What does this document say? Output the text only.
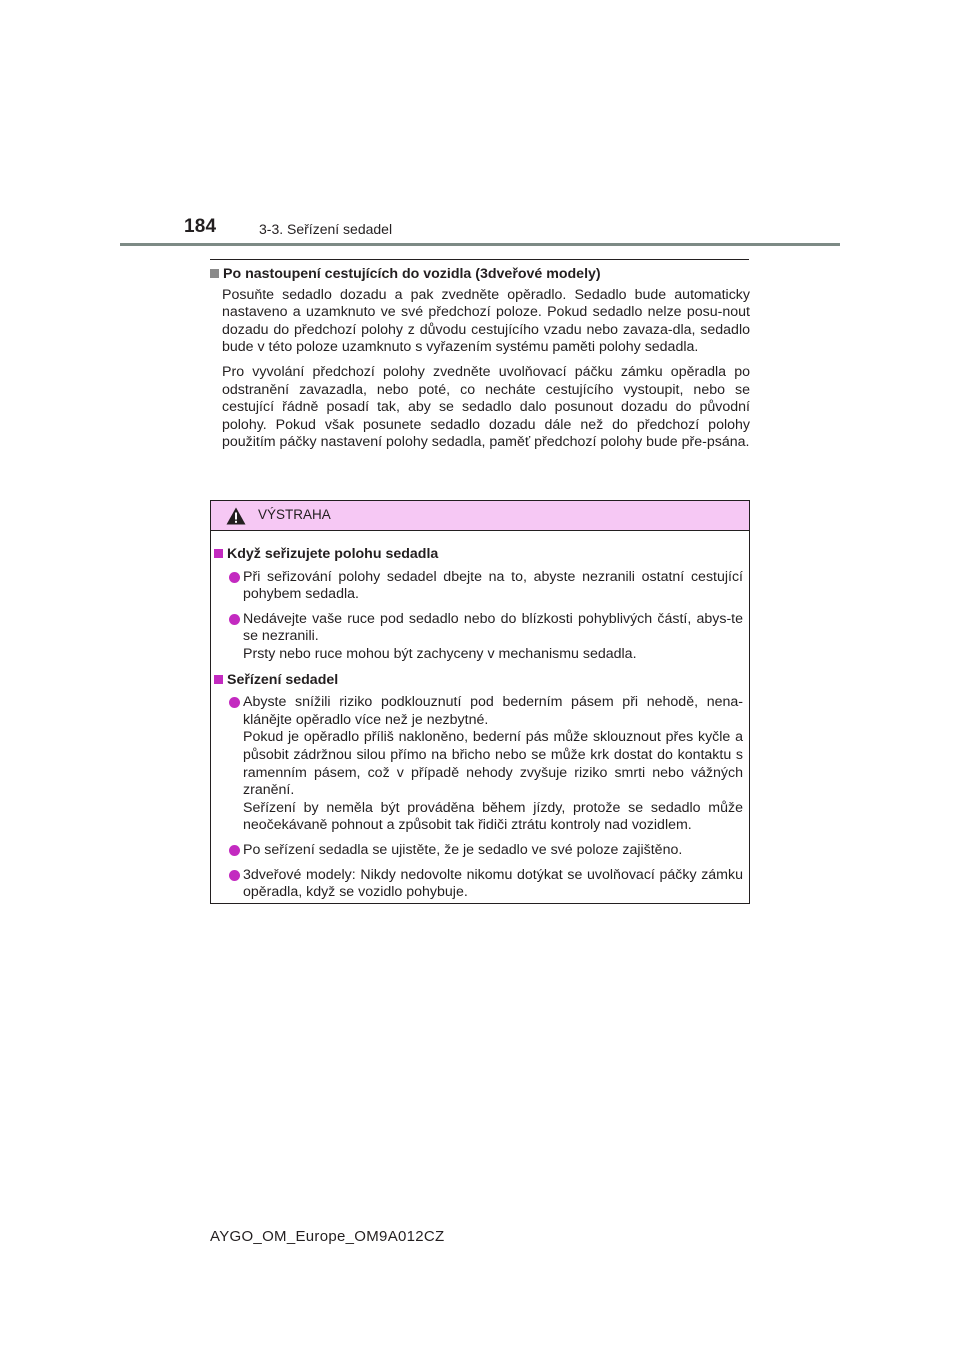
184	3-3. Seřízení sedadel
Po nastoupení cestujících do vozidla (3dveřové modely)
Posuňte sedadlo dozadu a pak zvedněte opěradlo. Sedadlo bude automaticky nastaveno a uzamknuto ve své předchozí poloze. Pokud sedadlo nelze posu-nout dozadu do předchozí polohy z důvodu cestujícího vzadu nebo zavaza-dla, sedadlo bude v této poloze uzamknuto s vyřazením systému paměti polohy sedadla.
Pro vyvolání předchozí polohy zvedněte uvolňovací páčku zámku opěradla po odstranění zavazadla, nebo poté, co necháte cestujícího vystoupit, nebo se cestující řádně posadí tak, aby se sedadlo dalo posunout dozadu do původní polohy. Pokud však posunete sedadlo dozadu dále než do předchozí polohy použitím páčky nastavení polohy sedadla, paměť předchozí polohy bude pře-psána.
VÝSTRAHA
Když seřizujete polohu sedadla
Při seřizování polohy sedadel dbejte na to, abyste nezranili ostatní cestující pohybem sedadla.
Nedávejte vaše ruce pod sedadlo nebo do blízkosti pohyblivých částí, abys-te se nezranili.
Prsty nebo ruce mohou být zachyceny v mechanismu sedadla.
Seřízení sedadel
Abyste snížili riziko podklouznutí pod bederním pásem při nehodě, nena-klánějte opěradlo více než je nezbytné.
Pokud je opěradlo příliš nakloněno, bederní pás může sklouznout přes kyčle a působit zádržnou silou přímo na břicho nebo se může krk dostat do kontaktu s ramenním pásem, což v případě nehody zvyšuje riziko smrti nebo vážných zranění.
Seřízení by neměla být prováděna během jízdy, protože se sedadlo může neočekávaně pohnout a způsobit tak řidiči ztrátu kontroly nad vozidlem.
Po seřízení sedadla se ujistěte, že je sedadlo ve své poloze zajištěno.
3dveřové modely: Nikdy nedovolte nikomu dotýkat se uvolňovací páčky zámku opěradla, když se vozidlo pohybuje.
AYGO_OM_Europe_OM9A012CZ
